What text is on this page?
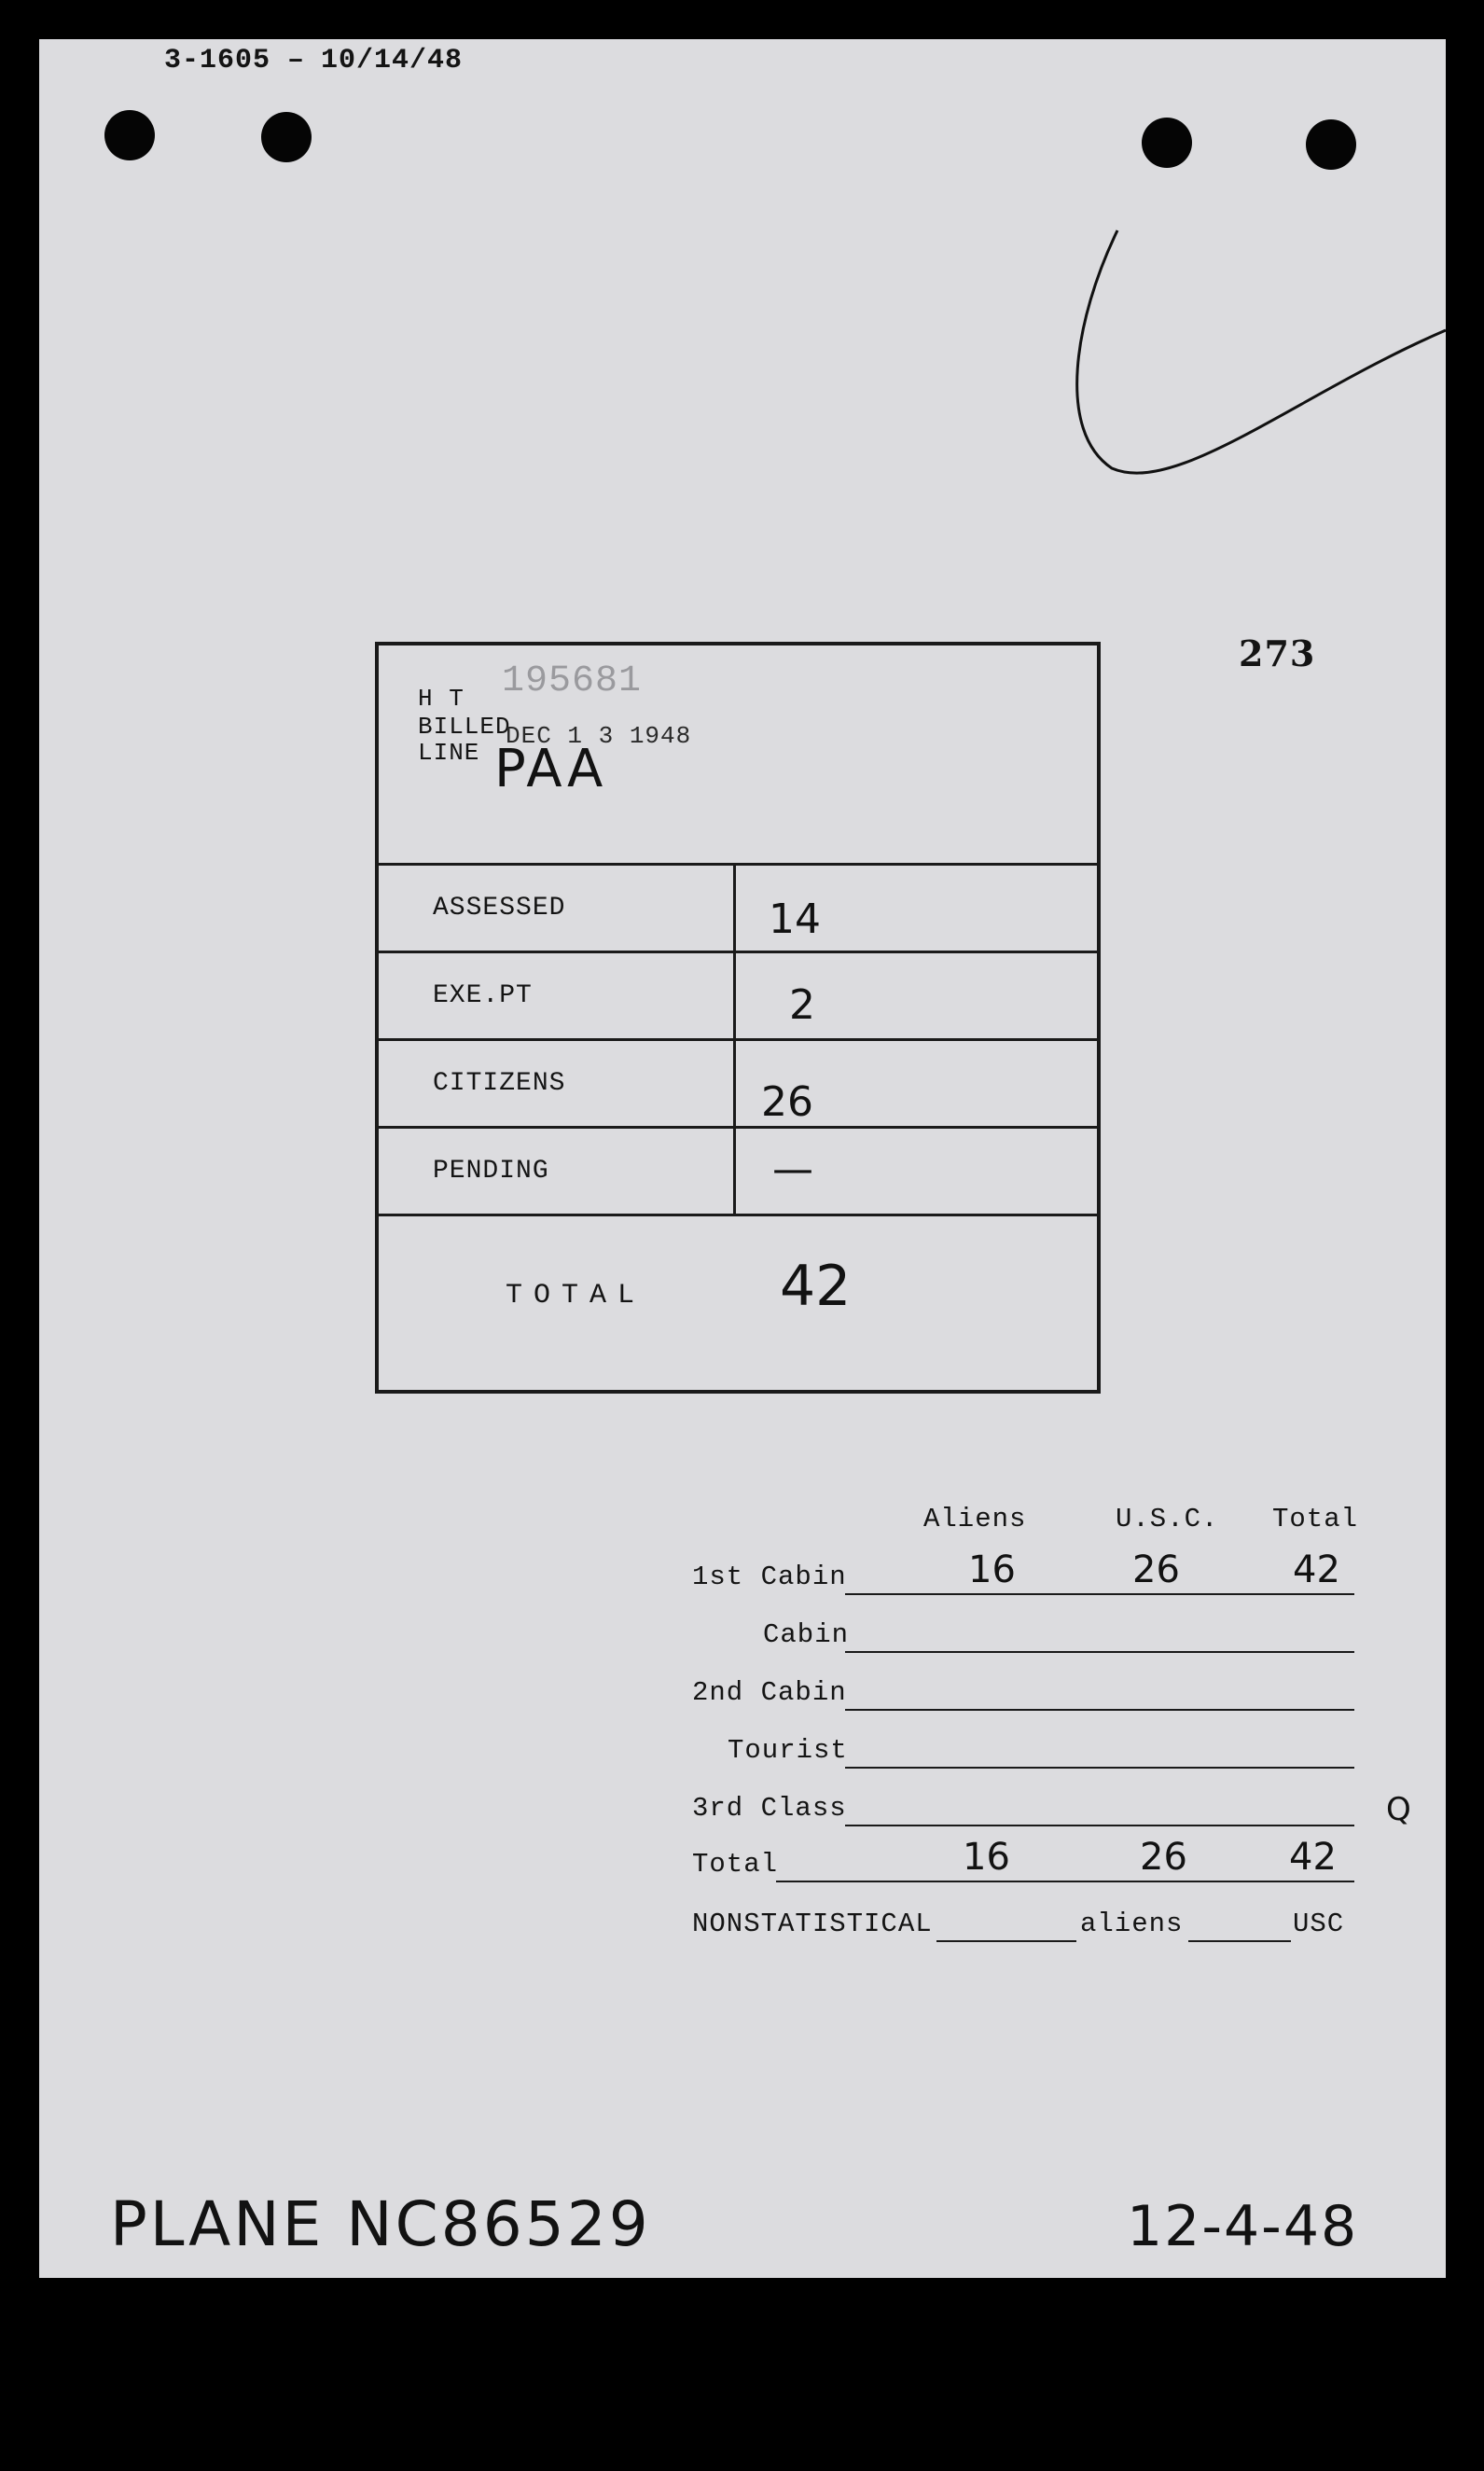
3-1605 – 10/14/48
273
H T 195681
BILLED
DEC 1 3 1948
LINE PAA
ASSESSED	14
EXE.PT	2
CITIZENS	26
PENDING	—
TOTAL 42
Aliens	U.S.C. Total
1st Cabin	16	26	42
Cabin
2nd Cabin
Tourist
3rd Class
Total	16	26	42
NONSTATISTICAL	aliens	USC
Q
PLANE NC86529	12-4-48
